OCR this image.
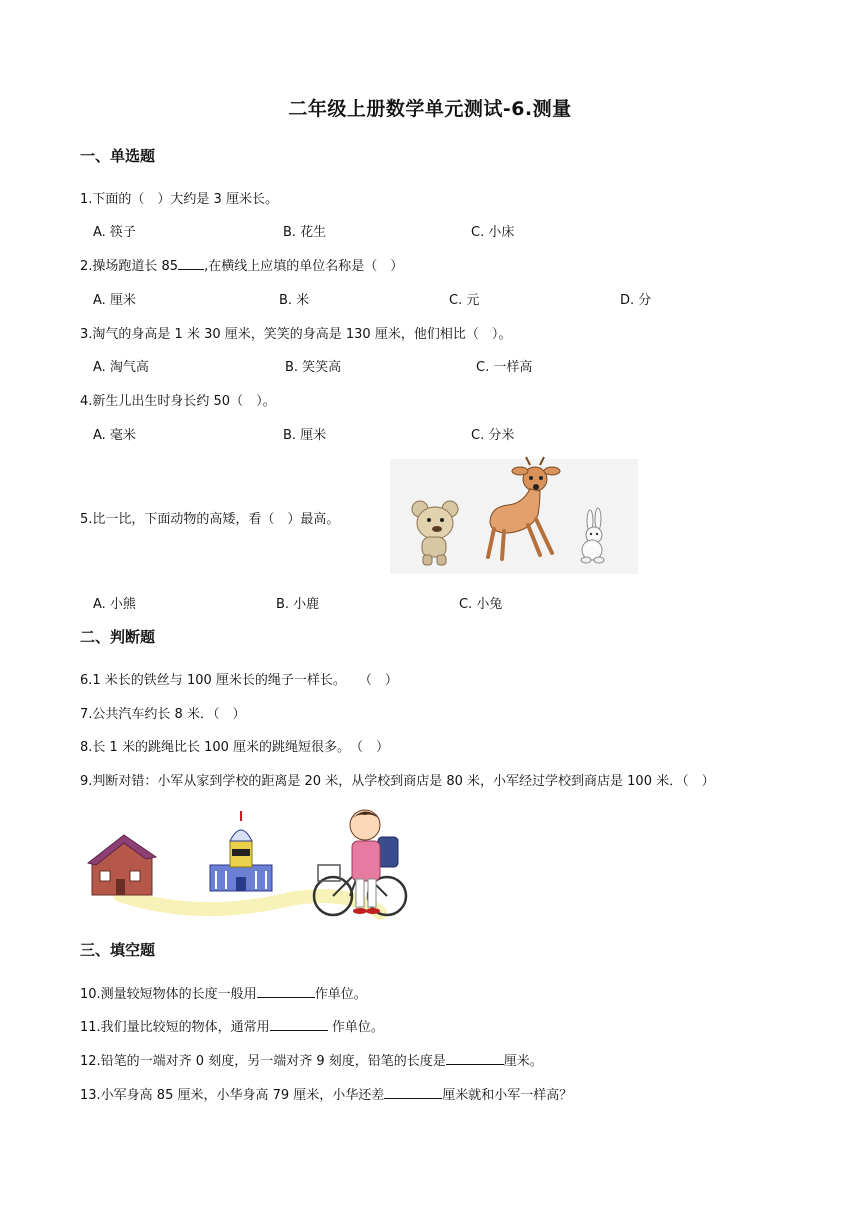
二年级上册数学单元测试-6.测量
一、单选题
1.下面的（　）大约是 3 厘米长。
A. 筷子	B. 花生	C. 小床
2.操场跑道长 85 ,在横线上应填的单位名称是（　）
A. 厘米	B. 米	C. 元	D. 分
3.淘气的身高是 1 米 30 厘米，笑笑的身高是 130 厘米，他们相比（　）。
A. 淘气高	B. 笑笑高	C. 一样高
4.新生儿出生时身长约 50（　）。
A. 毫米	B. 厘米	C. 分米
5.比一比，下面动物的高矮，看（　）最高。
A. 小熊	B. 小鹿	C. 小兔
二、判断题
6.1 米长的铁丝与 100 厘米长的绳子一样长。　　（　）
7.公共汽车约长 8 米．（　）
8.长 1 米的跳绳比长 100 厘米的跳绳短很多。　（　）
9.判断对错：小军从家到学校的距离是 20 米，从学校到商店是 80 米，小军经过学校到商店是 100 米．（　）
三、填空题
10.测量较短物体的长度一般用	作单位。
11.我们量比较短的物体，通常用	作单位。
12.铅笔的一端对齐 0 刻度，另一端对齐 9 刻度，铅笔的长度是	厘米。
13.小军身高 85 厘米，小华身高 79 厘米，小华还差	厘米就和小军一样高？
